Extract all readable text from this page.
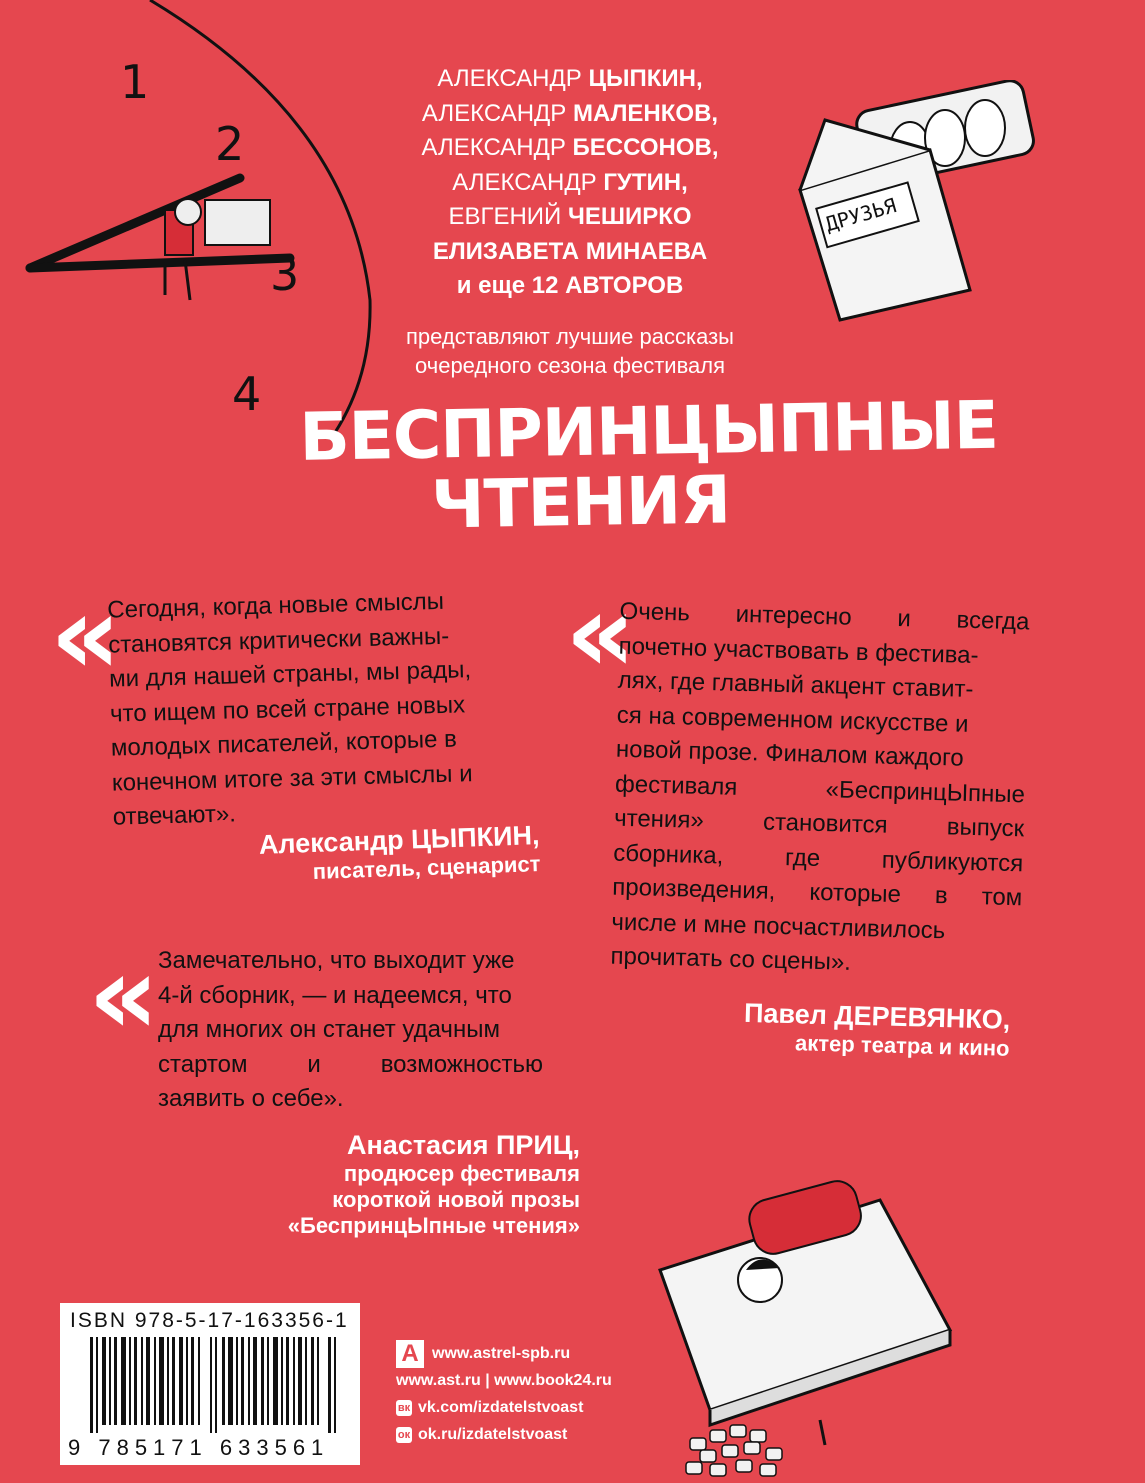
1
2
3
4
ДРУЗЬЯ
АЛЕКСАНДР ЦЫПКИН,
АЛЕКСАНДР МАЛЕНКОВ,
АЛЕКСАНДР БЕССОНОВ,
АЛЕКСАНДР ГУТИН,
ЕВГЕНИЙ ЧЕШИРКО
ЕЛИЗАВЕТА МИНАЕВА
и еще 12 АВТОРОВ
представляют лучшие рассказы
очередного сезона фестиваля
БЕСПРИНЦЫПНЫЕ
ЧТЕНИЯ
«
Сегодня, когда новые смыслы
становятся критически важны-
ми для нашей страны, мы рады,
что ищем по всей стране новых
молодых писателей, которые в
конечном итоге за эти смыслы и
отвечают».
Александр ЦЫПКИН,
писатель, сценарист
«
Замечательно, что выходит уже
4-й сборник, — и надеемся, что
для многих он станет удачным
стартом и возможностью
заявить о себе».
Анастасия ПРИЦ,
продюсер фестиваля
короткой новой прозы
«БеспринцЫпные чтения»
«
Очень интересно и всегда
почетно участвовать в фестива-
лях, где главный акцент ставит-
ся на современном искусстве и
новой прозе. Финалом каждого
фестиваля «БеспринцЫпные
чтения» становится выпуск
сборника, где публикуются
произведения, которые в том
числе и мне посчастливилось
прочитать со сцены».
Павел ДЕРЕВЯНКО,
актер театра и кино
ISBN 978-5-17-163356-1
9 785171 633561
А www.astrel-spb.ru
www.ast.ru | www.book24.ru
вк vk.com/izdatelstvoast
ок ok.ru/izdatelstvoast
